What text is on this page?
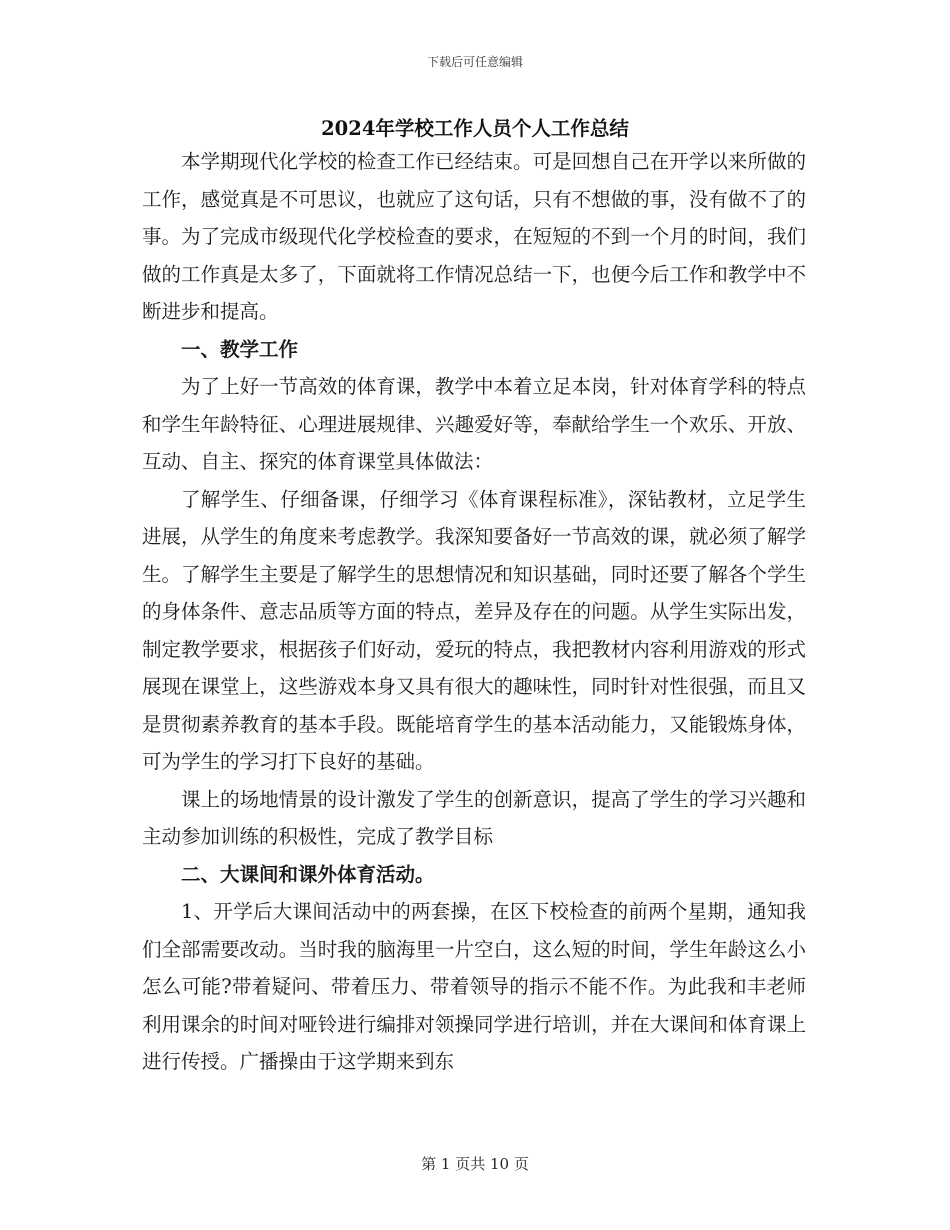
下载后可任意编辑
2024年学校工作人员个人工作总结

本学期现代化学校的检查工作已经结束。可是回想自己在开学以来所做的工作，感觉真是不可思议，也就应了这句话，只有不想做的事，没有做不了的事。为了完成市级现代化学校检查的要求，在短短的不到一个月的时间，我们做的工作真是太多了，下面就将工作情况总结一下，也便今后工作和教学中不断进步和提高。

一、教学工作

为了上好一节高效的体育课，教学中本着立足本岗，针对体育学科的特点和学生年龄特征、心理进展规律、兴趣爱好等，奉献给学生一个欢乐、开放、互动、自主、探究的体育课堂具体做法：

了解学生、仔细备课，仔细学习《体育课程标准》，深钻教材，立足学生进展，从学生的角度来考虑教学。我深知要备好一节高效的课，就必须了解学生。了解学生主要是了解学生的思想情况和知识基础，同时还要了解各个学生的身体条件、意志品质等方面的特点，差异及存在的问题。从学生实际出发，制定教学要求，根据孩子们好动，爱玩的特点，我把教材内容利用游戏的形式展现在课堂上，这些游戏本身又具有很大的趣味性，同时针对性很强，而且又是贯彻素养教育的基本手段。既能培育学生的基本活动能力，又能锻炼身体，可为学生的学习打下良好的基础。

课上的场地情景的设计激发了学生的创新意识，提高了学生的学习兴趣和主动参加训练的积极性，完成了教学目标

二、大课间和课外体育活动。

1、开学后大课间活动中的两套操，在区下校检查的前两个星期，通知我们全部需要改动。当时我的脑海里一片空白，这么短的时间，学生年龄这么小怎么可能?带着疑问、带着压力、带着领导的指示不能不作。为此我和丰老师利用课余的时间对哑铃进行编排对领操同学进行培训，并在大课间和体育课上进行传授。广播操由于这学期来到东

第 1 页共 10 页
